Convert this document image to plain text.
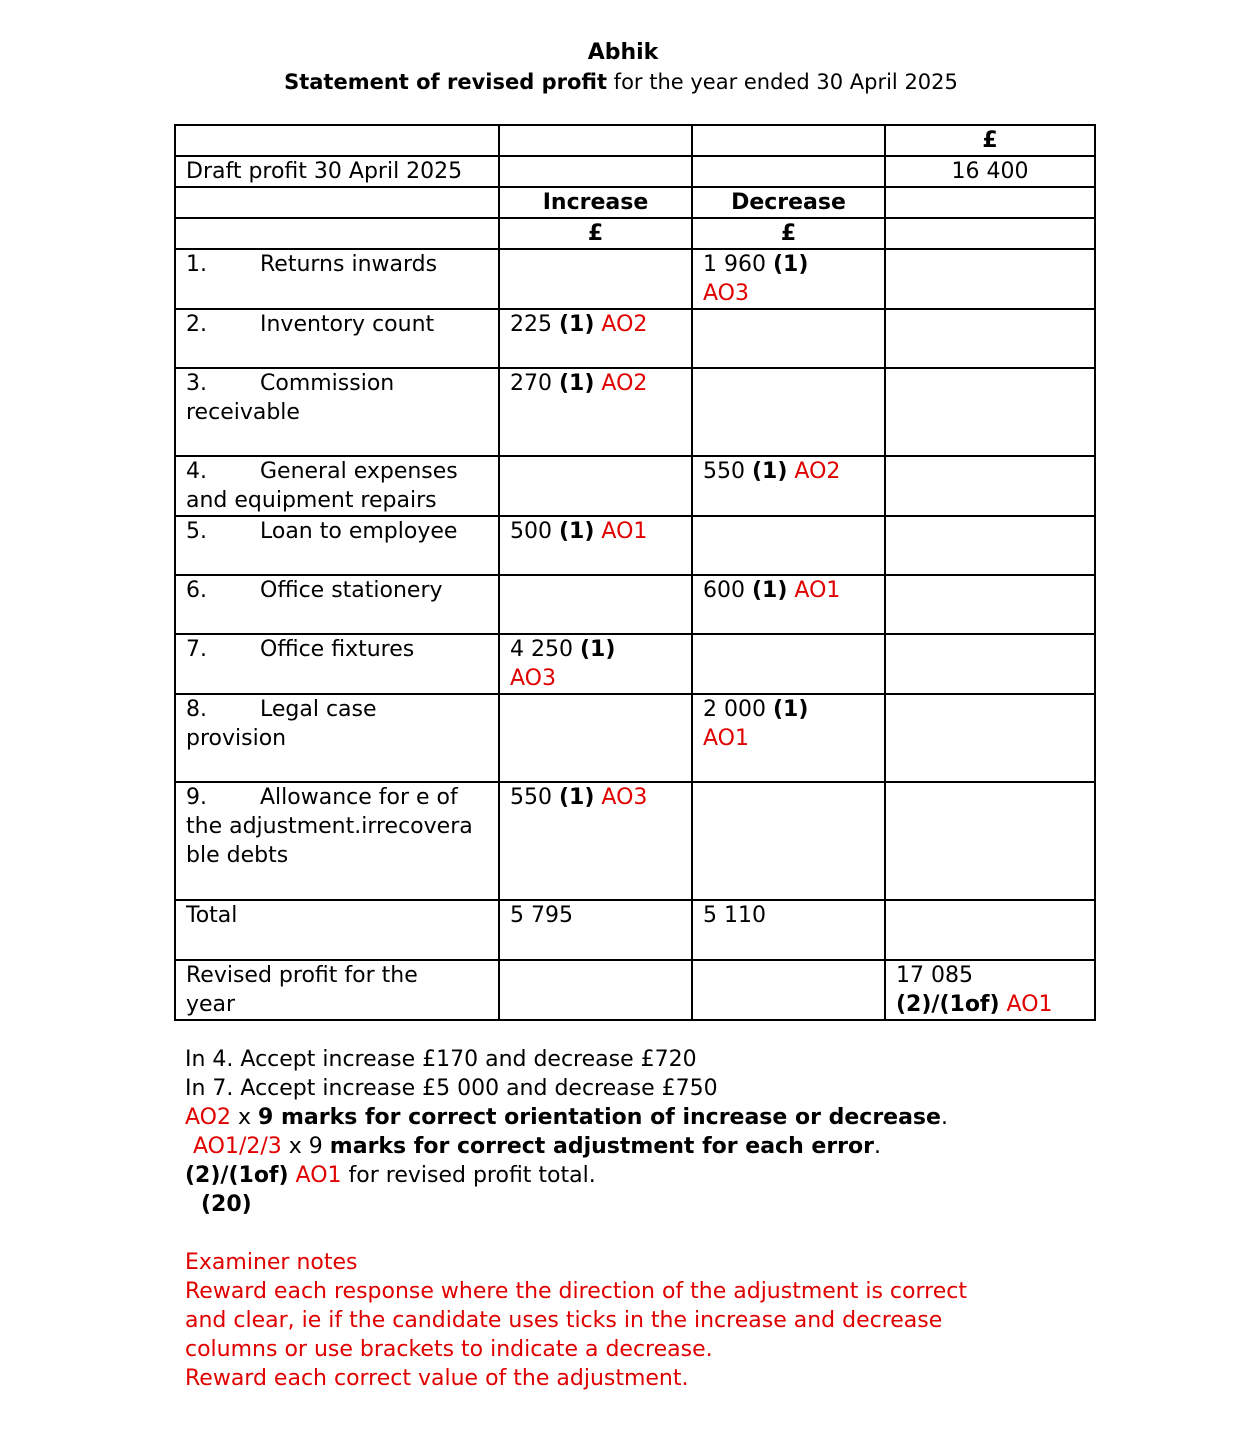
Abhik
Statement of revised profit for the year ended 30 April 2025
			£
Draft profit 30 April 2025			16 400
	Increase	Decrease	
	£	£	
1. Returns inwards		1 960 (1)
AO3	
2. Inventory count	225 (1) AO2		
3. Commission
receivable	270 (1) AO2		
4. General expenses
and equipment repairs		550 (1) AO2	
5. Loan to employee	500 (1) AO1		
6. Office stationery		600 (1) AO1	
7. Office fixtures	4 250 (1)
AO3		
8. Legal case
provision		2 000 (1)
AO1	
9. Allowance for e of
the adjustment.irrecoverable debts	550 (1) AO3		
Total	5 795	5 110	
Revised profit for the year			17 085
(2)/(1of) AO1
In 4. Accept increase £170 and decrease £720
In 7. Accept increase £5 000 and decrease £750
AO2 x 9 marks for correct orientation of increase or decrease.
AO1/2/3 x 9 marks for correct adjustment for each error.
(2)/(1of) AO1 for revised profit total.
(20)
Examiner notes
Reward each response where the direction of the adjustment is correct
and clear, ie if the candidate uses ticks in the increase and decrease
columns or use brackets to indicate a decrease.
Reward each correct value of the adjustment.
